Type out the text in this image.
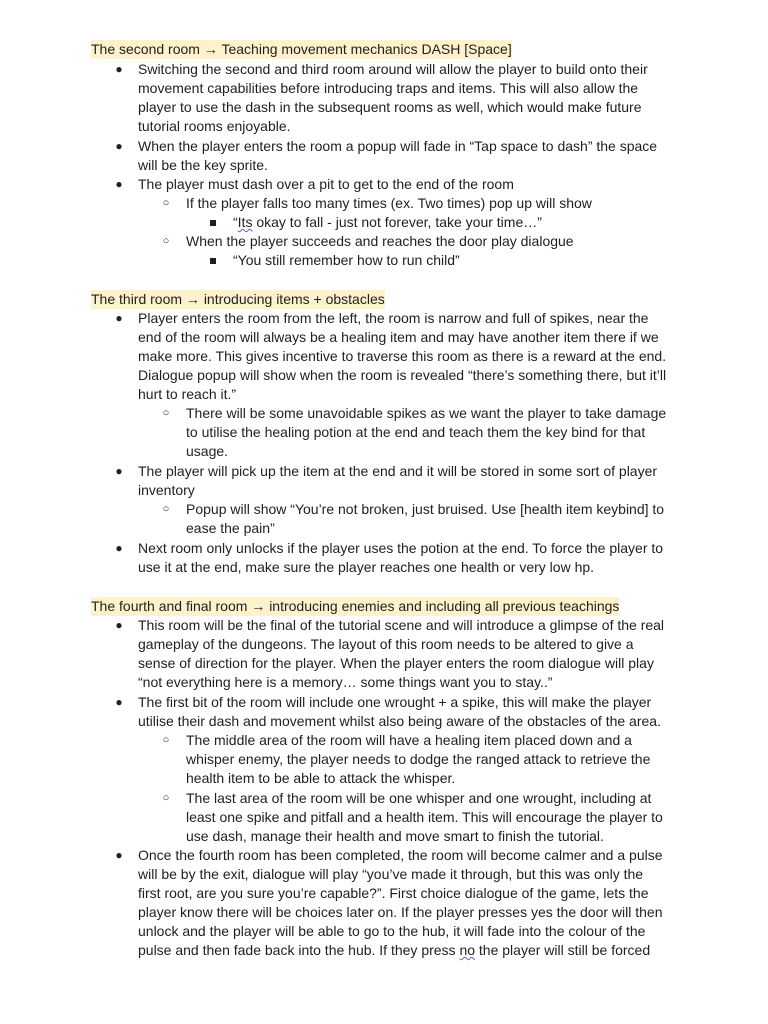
The second room → Teaching movement mechanics DASH [Space]
● Switching the second and third room around will allow the player to build onto their
movement capabilities before introducing traps and items. This will also allow the
player to use the dash in the subsequent rooms as well, which would make future
tutorial rooms enjoyable.
● When the player enters the room a popup will fade in “Tap space to dash” the space
will be the key sprite.
● The player must dash over a pit to get to the end of the room
○ If the player falls too many times (ex. Two times) pop up will show
“Its okay to fall - just not forever, take your time…”
○ When the player succeeds and reaches the door play dialogue
“You still remember how to run child”
The third room → introducing items + obstacles
● Player enters the room from the left, the room is narrow and full of spikes, near the
end of the room will always be a healing item and may have another item there if we
make more. This gives incentive to traverse this room as there is a reward at the end.
Dialogue popup will show when the room is revealed “there’s something there, but it’ll
hurt to reach it.”
○ There will be some unavoidable spikes as we want the player to take damage
to utilise the healing potion at the end and teach them the key bind for that
usage.
● The player will pick up the item at the end and it will be stored in some sort of player
inventory
○ Popup will show “You’re not broken, just bruised. Use [health item keybind] to
ease the pain”
● Next room only unlocks if the player uses the potion at the end. To force the player to
use it at the end, make sure the player reaches one health or very low hp.
The fourth and final room → introducing enemies and including all previous teachings
● This room will be the final of the tutorial scene and will introduce a glimpse of the real
gameplay of the dungeons. The layout of this room needs to be altered to give a
sense of direction for the player. When the player enters the room dialogue will play
“not everything here is a memory… some things want you to stay..”
● The first bit of the room will include one wrought + a spike, this will make the player
utilise their dash and movement whilst also being aware of the obstacles of the area.
○ The middle area of the room will have a healing item placed down and a
whisper enemy, the player needs to dodge the ranged attack to retrieve the
health item to be able to attack the whisper.
○ The last area of the room will be one whisper and one wrought, including at
least one spike and pitfall and a health item. This will encourage the player to
use dash, manage their health and move smart to finish the tutorial.
● Once the fourth room has been completed, the room will become calmer and a pulse
will be by the exit, dialogue will play “you’ve made it through, but this was only the
first root, are you sure you’re capable?”. First choice dialogue of the game, lets the
player know there will be choices later on. If the player presses yes the door will then
unlock and the player will be able to go to the hub, it will fade into the colour of the
pulse and then fade back into the hub. If they press no the player will still be forced
